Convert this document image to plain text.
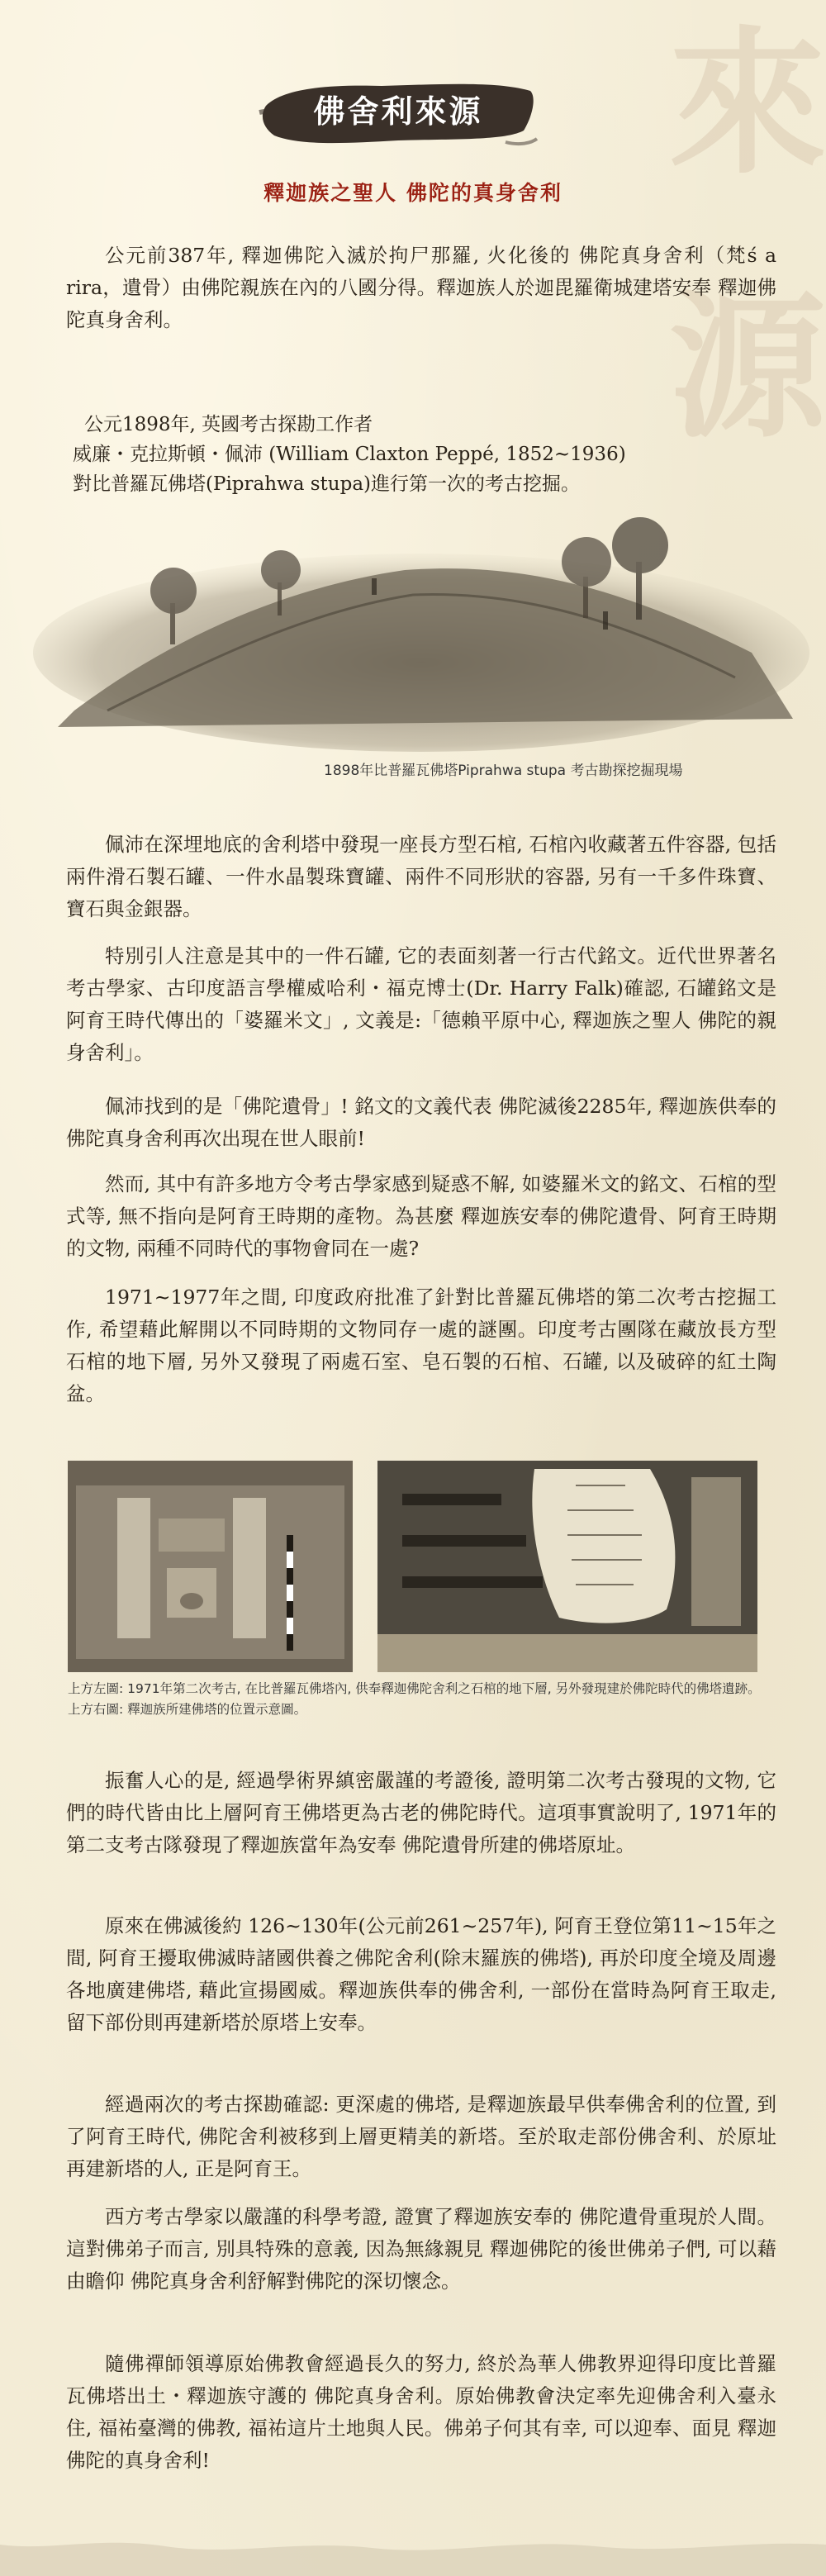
來
源
佛舍利來源
釋迦族之聖人 佛陀的真身舍利

公元前387年, 釋迦佛陀入滅於拘尸那羅, 火化後的 佛陀真身舍利（梵ś a rira，遺骨）由佛陀親族在內的八國分得。釋迦族人於迦毘羅衛城建塔安奉 釋迦佛陀真身舍利。

公元1898年, 英國考古探勘工作者
威廉・克拉斯頓・佩沛 (William Claxton Peppé, 1852~1936)
對比普羅瓦佛塔(Piprahwa stupa)進行第一次的考古挖掘。
1898年比普羅瓦佛塔Piprahwa stupa 考古勘探挖掘現場

佩沛在深埋地底的舍利塔中發現一座長方型石棺, 石棺內收藏著五件容器, 包括兩件滑石製石罐、一件水晶製珠寶罐、兩件不同形狀的容器, 另有一千多件珠寶、寶石與金銀器。

特別引人注意是其中的一件石罐, 它的表面刻著一行古代銘文。近代世界著名考古學家、古印度語言學權威哈利・福克博士(Dr. Harry Falk)確認, 石罐銘文是阿育王時代傳出的「婆羅米文」, 文義是:「德賴平原中心, 釋迦族之聖人 佛陀的親身舍利」。

佩沛找到的是「佛陀遺骨」! 銘文的文義代表 佛陀滅後2285年, 釋迦族供奉的 佛陀真身舍利再次出現在世人眼前!

然而, 其中有許多地方令考古學家感到疑惑不解, 如婆羅米文的銘文、石棺的型式等, 無不指向是阿育王時期的產物。為甚麼 釋迦族安奉的佛陀遺骨、阿育王時期的文物, 兩種不同時代的事物會同在一處?

1971~1977年之間, 印度政府批准了針對比普羅瓦佛塔的第二次考古挖掘工作, 希望藉此解開以不同時期的文物同存一處的謎團。印度考古團隊在藏放長方型石棺的地下層, 另外又發現了兩處石室、皂石製的石棺、石罐, 以及破碎的紅土陶盆。

上方左圖: 1971年第二次考古, 在比普羅瓦佛塔內, 供奉釋迦佛陀舍利之石棺的地下層, 另外發現建於佛陀時代的佛塔遺跡。 上方右圖: 釋迦族所建佛塔的位置示意圖。

振奮人心的是, 經過學術界縝密嚴謹的考證後, 證明第二次考古發現的文物, 它們的時代皆由比上層阿育王佛塔更為古老的佛陀時代。這項事實說明了, 1971年的第二支考古隊發現了釋迦族當年為安奉 佛陀遺骨所建的佛塔原址。

原來在佛滅後約 126~130年(公元前261~257年), 阿育王登位第11~15年之間, 阿育王擾取佛滅時諸國供養之佛陀舍利(除末羅族的佛塔), 再於印度全境及周邊各地廣建佛塔, 藉此宣揚國威。釋迦族供奉的佛舍利, 一部份在當時為阿育王取走, 留下部份則再建新塔於原塔上安奉。

經過兩次的考古探勘確認: 更深處的佛塔, 是釋迦族最早供奉佛舍利的位置, 到了阿育王時代, 佛陀舍利被移到上層更精美的新塔。至於取走部份佛舍利、於原址再建新塔的人, 正是阿育王。

西方考古學家以嚴謹的科學考證, 證實了釋迦族安奉的 佛陀遺骨重現於人間。這對佛弟子而言, 別具特殊的意義, 因為無緣親見 釋迦佛陀的後世佛弟子們, 可以藉由瞻仰 佛陀真身舍利舒解對佛陀的深切懷念。

隨佛禪師領導原始佛教會經過長久的努力, 終於為華人佛教界迎得印度比普羅瓦佛塔出土・釋迦族守護的 佛陀真身舍利。原始佛教會決定率先迎佛舍利入臺永住, 福祐臺灣的佛教, 福祐這片土地與人民。佛弟子何其有幸, 可以迎奉、面見 釋迦佛陀的真身舍利!
